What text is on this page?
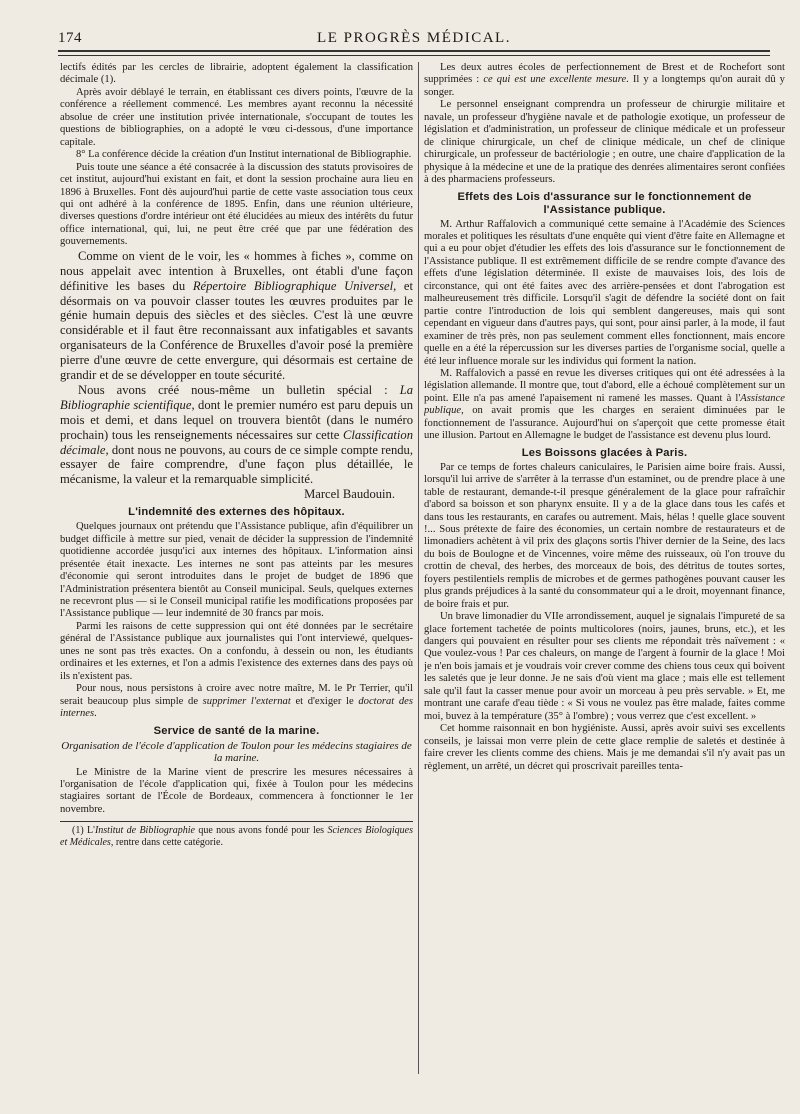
174	LE PROGRÈS MÉDICAL.

lectifs édités par les cercles de librairie, adoptent également la classification décimale (1).

Après avoir déblayé le terrain, en établissant ces divers points, l'œuvre de la conférence a réellement commencé. Les membres ayant reconnu la nécessité absolue de créer une institution privée internationale, s'occupant de toutes les questions de bibliographies, on a adopté le vœu ci-dessous, d'une importance capitale.

8° La conférence décide la création d'un Institut international de Bibliographie.

Puis toute une séance a été consacrée à la discussion des statuts provisoires de cet institut, aujourd'hui existant en fait, et dont la session prochaine aura lieu en 1896 à Bruxelles. Font dès aujourd'hui partie de cette vaste association tous ceux qui ont adhéré à la conférence de 1895. Enfin, dans une réunion ultérieure, diverses questions d'ordre intérieur ont été élucidées au mieux des intérêts du futur office international, qui, lui, ne peut être créé que par une fédération des gouvernements.

Comme on vient de le voir, les « hommes à fiches », comme on nous appelait avec intention à Bruxelles, ont établi d'une façon définitive les bases du Répertoire Bibliographique Universel, et désormais on va pouvoir classer toutes les œuvres produites par le génie humain depuis des siècles et des siècles. C'est là une œuvre considérable et il faut être reconnaissant aux infatigables et savants organisateurs de la Conférence de Bruxelles d'avoir posé la première pierre d'une œuvre de cette envergure, qui désormais est certaine de grandir et de se développer en toute sécurité.

Nous avons créé nous-même un bulletin spécial : La Bibliographie scientifique, dont le premier numéro est paru depuis un mois et demi, et dans lequel on trouvera bientôt (dans le numéro prochain) tous les renseignements nécessaires sur cette Classification décimale, dont nous ne pouvons, au cours de ce simple compte rendu, essayer de faire comprendre, d'une façon plus détaillée, le mécanisme, la valeur et la remarquable simplicité.

Marcel Baudouin.
L'indemnité des externes des hôpitaux.

Quelques journaux ont prétendu que l'Assistance publique, afin d'équilibrer un budget difficile à mettre sur pied, venait de décider la suppression de l'indemnité quotidienne accordée jusqu'ici aux internes des hôpitaux. L'information ainsi présentée était inexacte. Les internes ne sont pas atteints par les mesures d'économie qui seront introduites dans le projet de budget de 1896 que l'Administration présentera bientôt au Conseil municipal. Seuls, quelques externes ne recevront plus — si le Conseil municipal ratifie les modifications proposées par l'Assistance publique — leur indemnité de 30 francs par mois.

Parmi les raisons de cette suppression qui ont été données par le secrétaire général de l'Assistance publique aux journalistes qui l'ont interviewé, quelques-unes ne sont pas très exactes. On a confondu, à dessein ou non, les étudiants ordinaires et les externes, et l'on a admis l'existence des externes dans des pays où ils n'existent pas.

Pour nous, nous persistons à croire avec notre maître, M. le Pr Terrier, qu'il serait beaucoup plus simple de supprimer l'externat et d'exiger le doctorat des internes.

Service de santé de la marine.
Organisation de l'école d'application de Toulon pour les médecins stagiaires de la marine.

Le Ministre de la Marine vient de prescrire les mesures nécessaires à l'organisation de l'école d'application qui, fixée à Toulon pour les médecins stagiaires sortant de l'École de Bordeaux, commencera à fonctionner le 1er novembre.

(1) L'Institut de Bibliographie que nous avons fondé pour les Sciences Biologiques et Médicales, rentre dans cette catégorie.

Les deux autres écoles de perfectionnement de Brest et de Rochefort sont supprimées : ce qui est une excellente mesure. Il y a longtemps qu'on aurait dû y songer.

Le personnel enseignant comprendra un professeur de chirurgie militaire et navale, un professeur d'hygiène navale et de pathologie exotique, un professeur de législation et d'administration, un professeur de clinique médicale et un professeur de clinique chirurgicale, un chef de clinique médicale, un chef de clinique chirurgicale, un professeur de bactériologie ; en outre, une chaire d'application de la physique à la médecine et une de la pratique des denrées alimentaires seront confiées à des pharmaciens professeurs.

Effets des Lois d'assurance sur le fonctionnement de l'Assistance publique.

M. Arthur Raffalovich a communiqué cette semaine à l'Académie des Sciences morales et politiques les résultats d'une enquête qui vient d'être faite en Allemagne et qui a eu pour objet d'étudier les effets des lois d'assurance sur le fonctionnement de l'Assistance publique. Il est extrêmement difficile de se rendre compte d'avance des effets d'une législation déterminée. Il existe de mauvaises lois, des lois de circonstance, qui ont été faites avec des arrière-pensées et dont l'abrogation est malheureusement très difficile. Lorsqu'il s'agit de défendre la société dont on fait partie contre l'introduction de lois qui semblent dangereuses, mais qui sont cependant en vigueur dans d'autres pays, qui sont, pour ainsi parler, à la mode, il faut examiner de très près, non pas seulement comment elles fonctionnent, mais encore quelle en a été la répercussion sur les diverses parties de l'organisme social, quelle a été leur influence morale sur les individus qui forment la nation.

M. Raffalovich a passé en revue les diverses critiques qui ont été adressées à la législation allemande. Il montre que, tout d'abord, elle a échoué complètement sur un point. Elle n'a pas amené l'apaisement ni ramené les masses. Quant à l'Assistance publique, on avait promis que les charges en seraient diminuées par le fonctionnement de l'assurance. Aujourd'hui on s'aperçoit que cette promesse était une illusion. Partout en Allemagne le budget de l'assistance est devenu plus lourd.

Les Boissons glacées à Paris.

Par ce temps de fortes chaleurs caniculaires, le Parisien aime boire frais. Aussi, lorsqu'il lui arrive de s'arrêter à la terrasse d'un estaminet, ou de prendre place à une table de restaurant, demande-t-il presque généralement de la glace pour rafraîchir d'abord sa boisson et son pharynx ensuite. Il y a de la glace dans tous les cafés et dans tous les restaurants, en carafes ou autrement. Mais, hélas ! quelle glace souvent !... Sous prétexte de faire des économies, un certain nombre de restaurateurs et de limonadiers achètent à vil prix des glaçons sortis l'hiver dernier de la Seine, des lacs du bois de Boulogne et de Vincennes, voire même des ruisseaux, où l'on trouve du crottin de cheval, des herbes, des morceaux de bois, des détritus de toutes sortes, foyers pestilentiels remplis de microbes et de germes pathogènes pouvant causer les plus grands préjudices à la santé du consommateur qui a le droit, moyennant finance, de boire frais et pur.

Un brave limonadier du VIIe arrondissement, auquel je signalais l'impureté de sa glace fortement tachetée de points multicolores (noirs, jaunes, bruns, etc.), et les dangers qui pouvaient en résulter pour ses clients me répondait très naïvement : « Que voulez-vous ! Par ces chaleurs, on mange de l'argent à fournir de la glace ! Moi je n'en bois jamais et je voudrais voir crever comme des chiens tous ceux qui boivent les saletés que je leur donne. Je ne sais d'où vient ma glace ; mais elle est tellement sale qu'il faut la casser menue pour avoir un morceau à peu près servable. » Et, me montrant une carafe d'eau tiède : « Si vous ne voulez pas être malade, faites comme moi, buvez à la température (35° à l'ombre) ; vous verrez que c'est excellent. »

Cet homme raisonnait en bon hygiéniste. Aussi, après avoir suivi ses excellents conseils, je laissai mon verre plein de cette glace remplie de saletés et destinée à faire crever les clients comme des chiens. Mais je me demandai s'il n'y avait pas un règlement, un arrêté, un décret qui proscrivait pareilles tenta-
